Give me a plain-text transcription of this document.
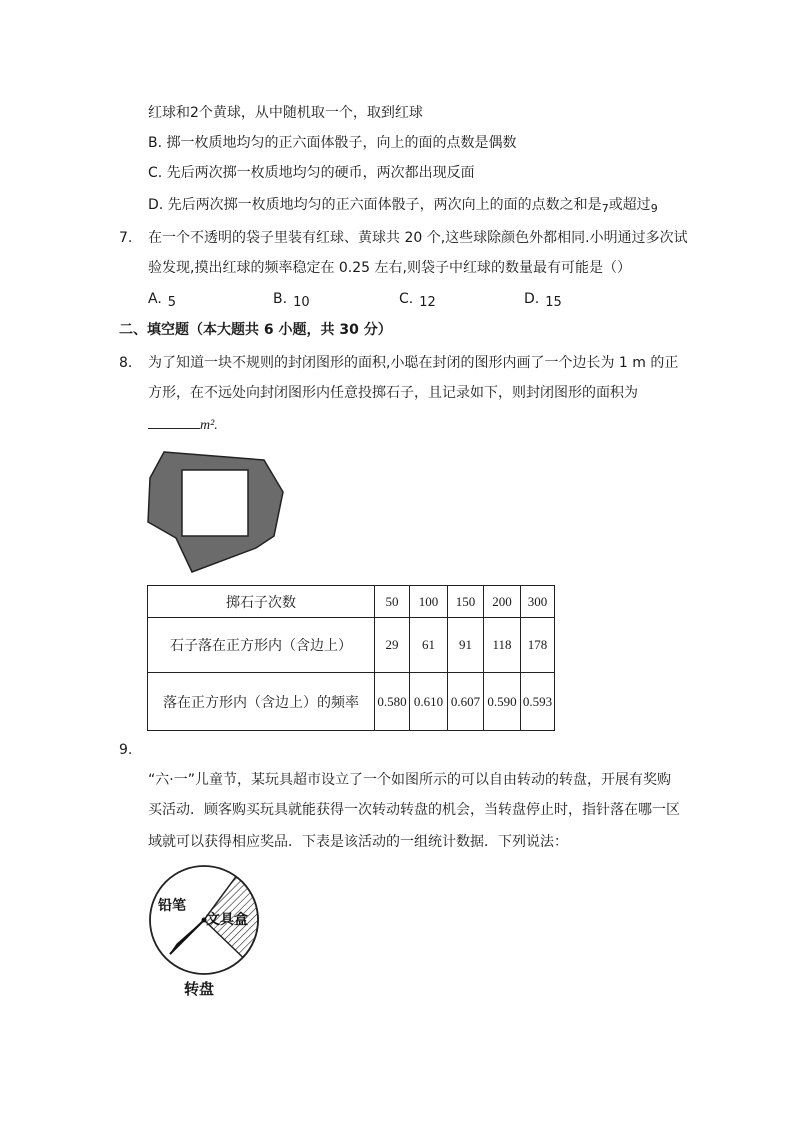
红球和2个黄球，从中随机取一个，取到红球
B. 掷一枚质地均匀的正六面体骰子，向上的面的点数是偶数
C. 先后两次掷一枚质地均匀的硬币，两次都出现反面
D. 先后两次掷一枚质地均匀的正六面体骰子，两次向上的面的点数之和是$_7$或超过$_9$
7. 在一个不透明的袋子里装有红球、黄球共 20 个,这些球除颜色外都相同.小明通过多次试
验发现,摸出红球的频率稳定在 0.25 左右,则袋子中红球的数量最有可能是（）
A. 5	B. 10	C. 12	D. 15
二、填空题（本大题共 6 小题，共 30 分）
8. 为了知道一块不规则的封闭图形的面积,小聪在封闭的图形内画了一个边长为 1 m 的正
方形，在不远处向封闭图形内任意投掷石子，且记录如下，则封闭图形的面积为
m².
掷石子次数	50	100	150	200	300
石子落在正方形内（含边上）	29	61	91	118	178
落在正方形内（含边上）的频率	0.580	0.610	0.607	0.590	0.593
9.
“六·一”儿童节，某玩具超市设立了一个如图所示的可以自由转动的转盘，开展有奖购
买活动．顾客购买玩具就能获得一次转动转盘的机会，当转盘停止时，指针落在哪一区
域就可以获得相应奖品．下表是该活动的一组统计数据．下列说法：
铅笔
文具盒
转盘
